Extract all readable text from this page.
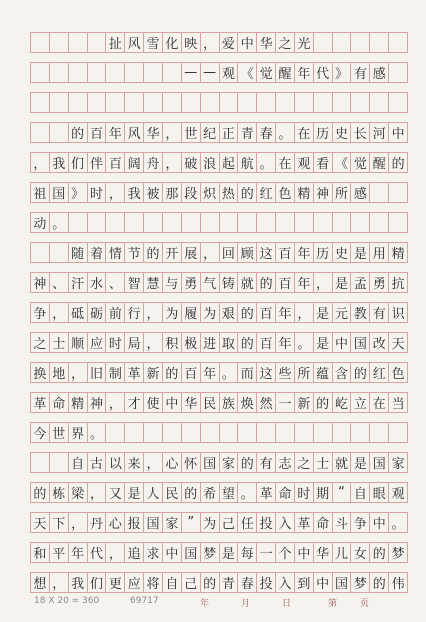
扯 风 雪 化 映 ， 爱 中 华 之 光
— — 观 《 觉 醒 年 代 》 有 感
的 百 年 风 华 ， 世 纪 正 青 春 。 在 历 史 长 河 中
， 我 们 伴 百 阔 舟 ， 破 浪 起 航 。 在 观 看 《 觉 醒 的
祖 国 》 时 ， 我 被 那 段 炽 热 的 红 色 精 神 所 感
动 。
随 着 情 节 的 开 展 ， 回 顾 这 百 年 历 史 是 用 精
神 、 汗 水 、 智 慧 与 勇 气 铸 就 的 百 年 ， 是 孟 勇 抗
争 ， 砥 砺 前 行 ， 为 履 为 艰 的 百 年 ， 是 元 教 有 识
之 士 顺 应 时 局 ， 积 极 进 取 的 百 年 。 是 中 国 改 天
换 地 ， 旧 制 革 新 的 百 年 。 而 这 些 所 蕴 含 的 红 色
革 命 精 神 ， 才 使 中 华 民 族 焕 然 一 新 的 屹 立 在 当
今 世 界 。
自 古 以 来 ， 心 怀 国 家 的 有 志 之 士 就 是 国 家
的 栋 梁 ， 又 是 人 民 的 希 望 。 革 命 时 期 “ 自 眼 观
天 下 ， 丹 心 报 国 家 ” 为 己 任 投 入 革 命 斗 争 中 。
和 平 年 代 ， 追 求 中 国 梦 是 每 一 个 中 华 儿 女 的 梦
想 ， 我 们 更 应 将 自 己 的 青 春 投 入 到 中 国 梦 的 伟
18 X 20 = 360	69717	年	月	日	第	页
